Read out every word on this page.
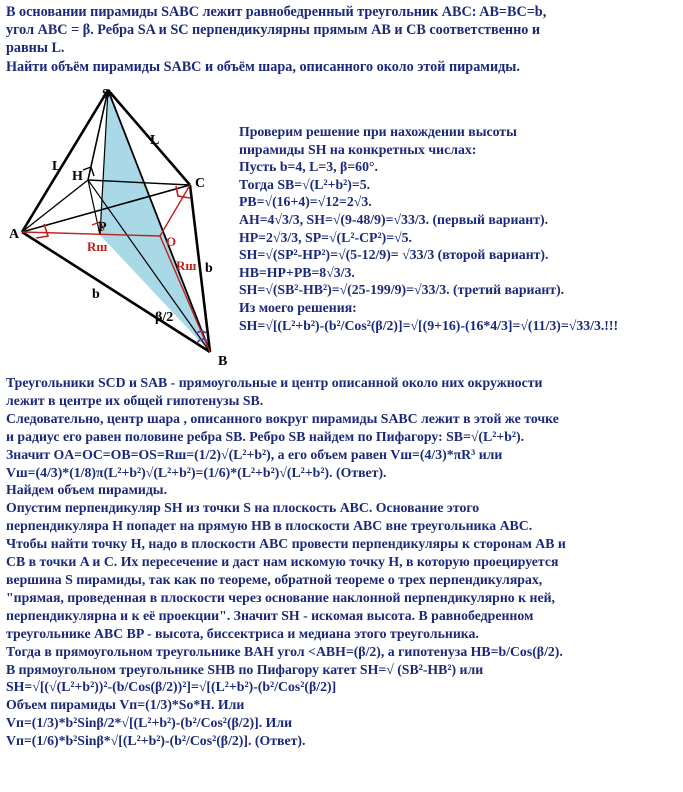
В основании пирамиды SABC лежит равнобедренный треугольник ABC: AB=BC=b,
угол ABC = β. Ребра SA и SC перпендикулярны прямым AB и CB соответственно и
равны L.
Найти объём пирамиды SABC и объём шара, описанного около этой пирамиды.
S
A
B
C
H
P
O
L
L
b
b
Rш
Rш
β/2
Проверим решение при нахождении высоты
пирамиды SH на конкретных числах:
Пусть b=4, L=3, β=60°.
Тогда SB=√(L²+b²)=5.
PB=√(16+4)=√12=2√3.
AH=4√3/3, SH=√(9-48/9)=√33/3. (первый вариант).
HP=2√3/3, SP=√(L²-CP²)=√5.
SH=√(SP²-HP²)=√(5-12/9)= √33/3 (второй вариант).
HB=HP+PB=8√3/3.
SH=√(SB²-HB²)=√(25-199/9)=√33/3. (третий вариант).
Из моего решения:
SH=√[(L²+b²)-(b²/Cos²(β/2)]=√[(9+16)-(16*4/3]=√(11/3)=√33/3.!!!
Треугольники SCD и SAB - прямоугольные и центр описанной около них окружности
лежит в центре их общей гипотенузы SB.
Следовательно, центр шара , описанного вокруг пирамиды SABC лежит в этой же точке
и радиус его равен половине ребра SB. Ребро SB найдем по Пифагору: SB=√(L²+b²).
Значит OA=OC=OB=OS=Rш=(1/2)√(L²+b²), а его объем равен Vш=(4/3)*πR³ или
Vш=(4/3)*(1/8)π(L²+b²)√(L²+b²)=(1/6)*(L²+b²)√(L²+b²). (Ответ).
Найдем объем пирамиды.
Опустим перпендикуляр SH из точки S на плоскость ABC. Основание этого
перпендикуляра H попадет на прямую HB в плоскости ABC вне треугольника ABC.
Чтобы найти точку H, надо в плоскости ABC провести перпендикуляры к сторонам AB и
CB в точки A и C. Их пересечение и даст нам искомую точку H, в которую проецируется
вершина S пирамиды, так как по теореме, обратной теореме о трех перпендикулярах,
"прямая, проведенная в плоскости через основание наклонной перпендикулярно к ней,
перпендикулярна и к её проекции". Значит SH - искомая высота. В равнобедренном
треугольнике ABC BP - высота, биссектриса и медиана этого треугольника.
Тогда в прямоугольном треугольнике BAH угол <ABH=(β/2), а гипотенуза HB=b/Cos(β/2).
В прямоугольном треугольнике SHB по Пифагору катет SH=√ (SB²-HB²) или
SH=√[(√(L²+b²))²-(b/Cos(β/2))²]=√[(L²+b²)-(b²/Cos²(β/2)]
Объем пирамиды Vп=(1/3)*So*H. Или
Vп=(1/3)*b²Sinβ/2*√[(L²+b²)-(b²/Cos²(β/2)]. Или
Vп=(1/6)*b²Sinβ*√[(L²+b²)-(b²/Cos²(β/2)]. (Ответ).
